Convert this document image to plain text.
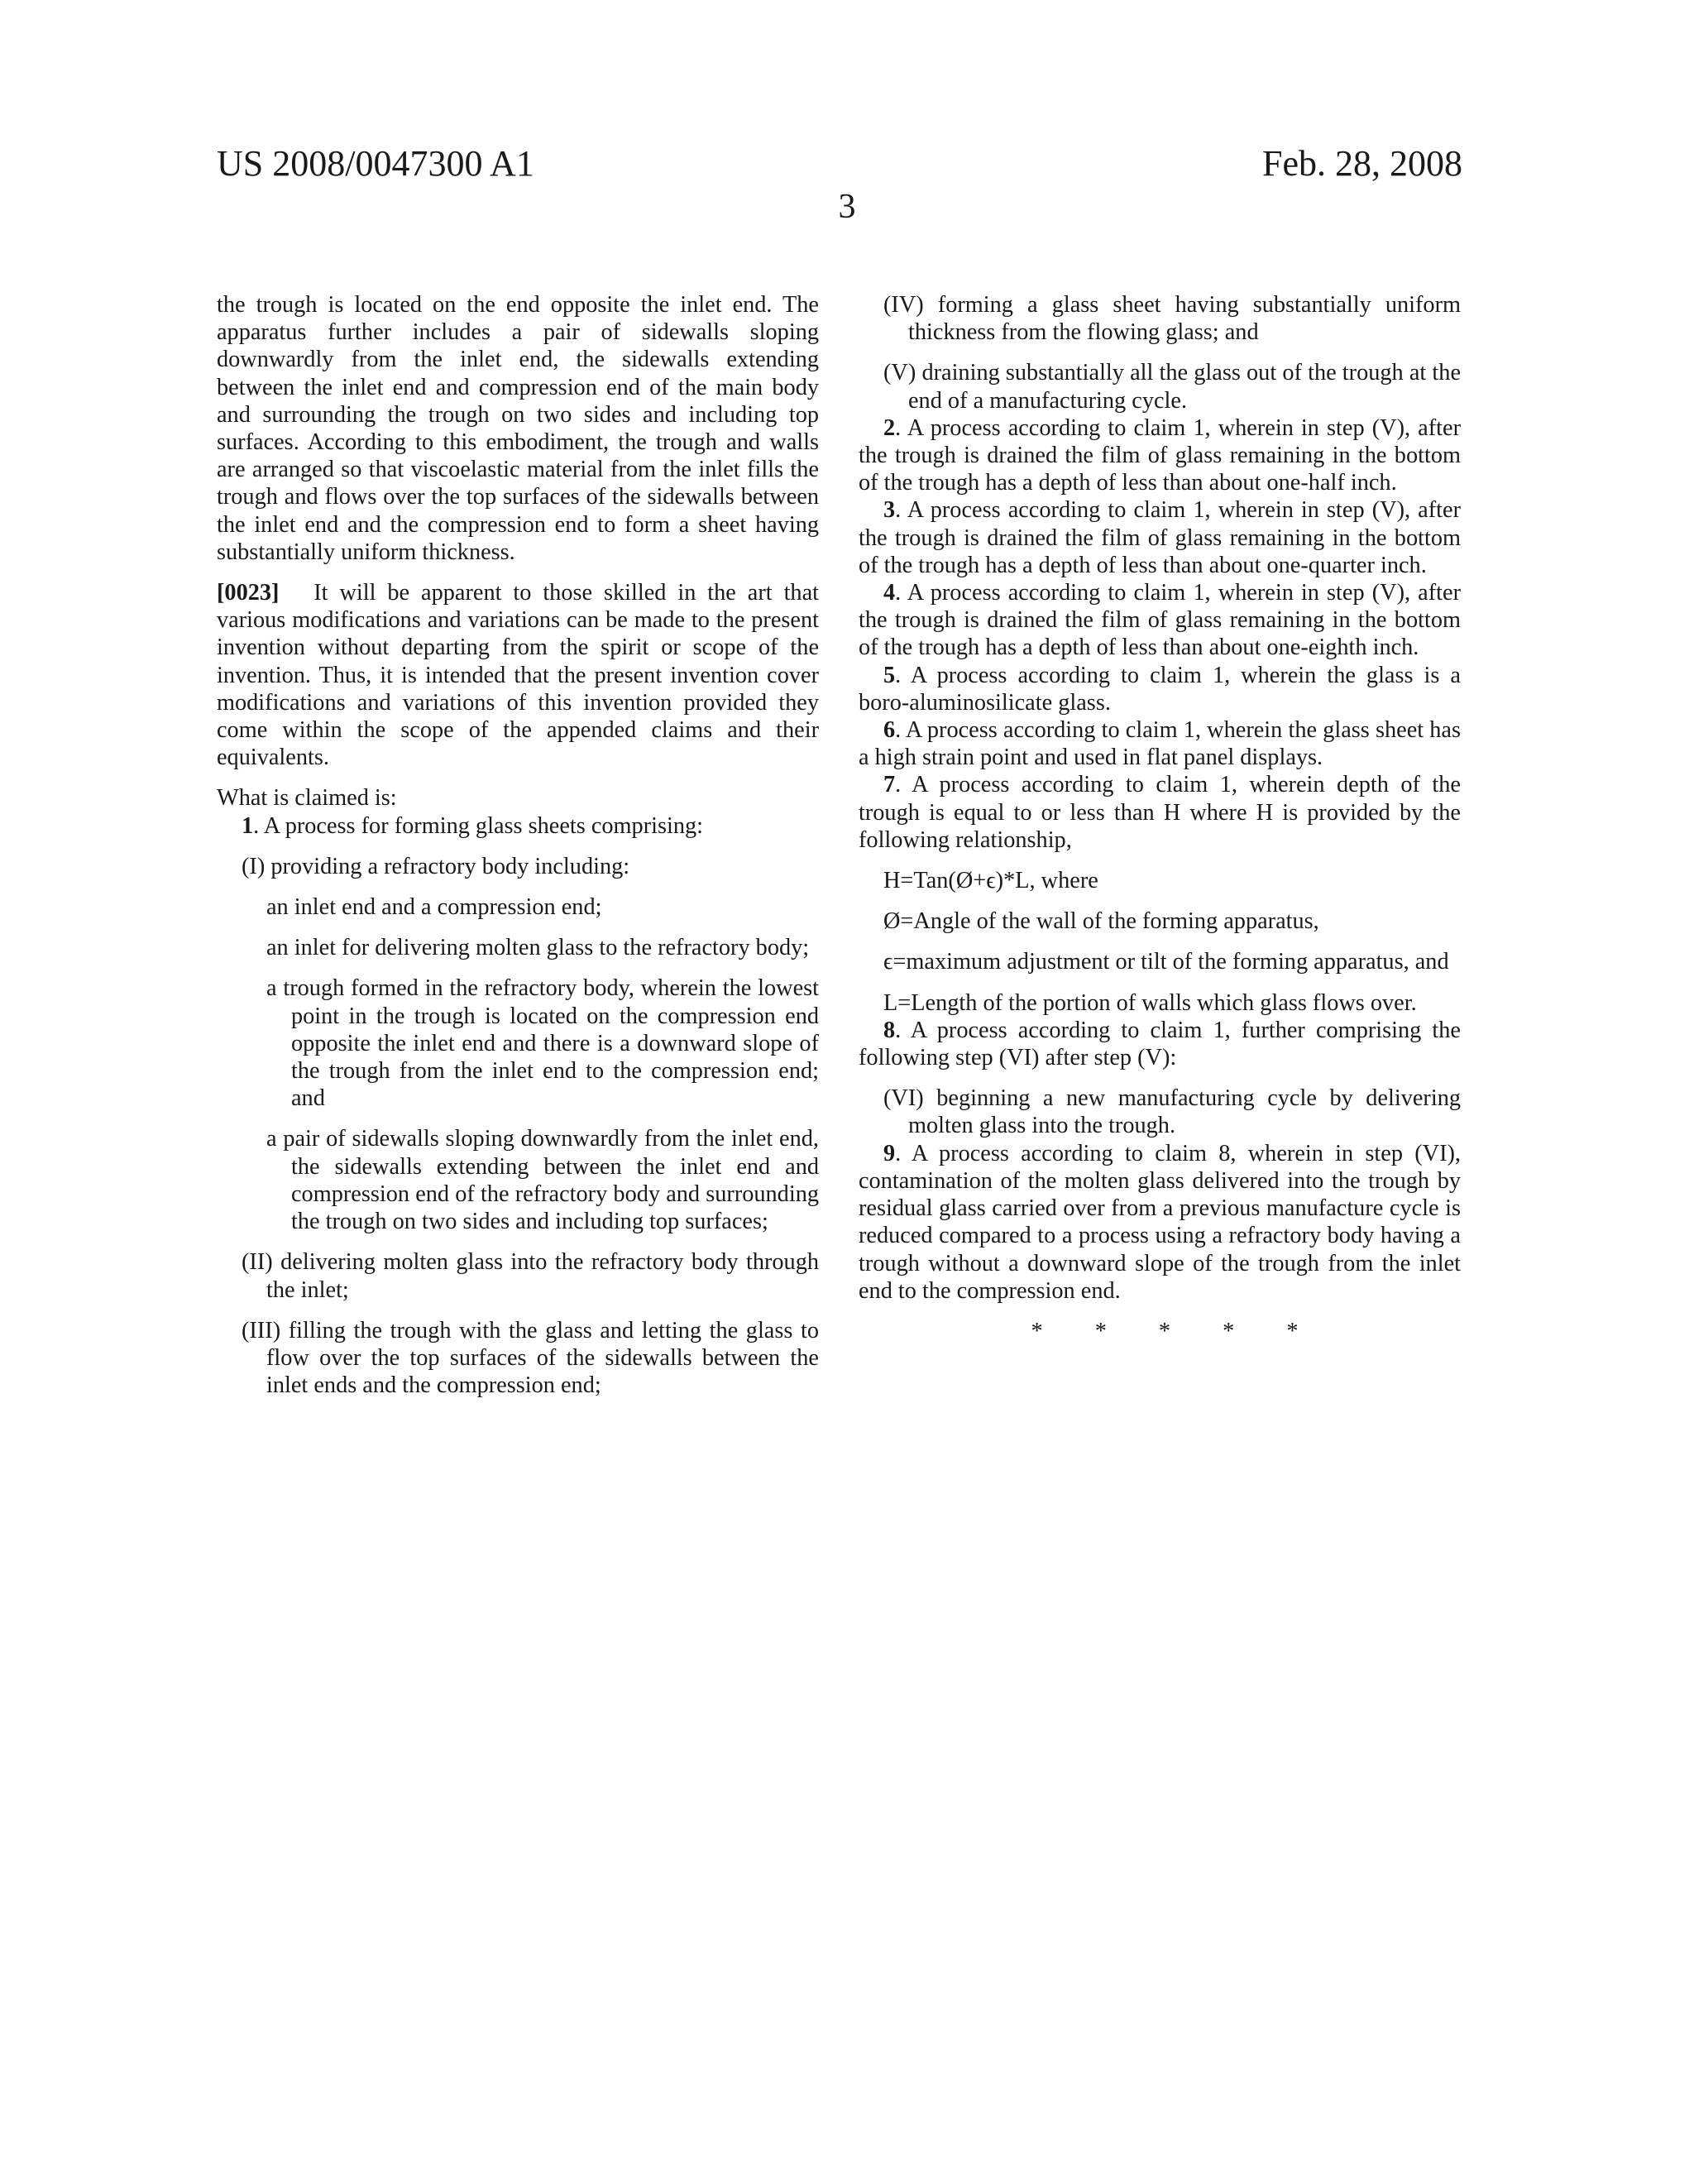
US 2008/0047300 A1	Feb. 28, 2008
3

the trough is located on the end opposite the inlet end. The apparatus further includes a pair of sidewalls sloping downwardly from the inlet end, the sidewalls extending between the inlet end and compression end of the main body and surrounding the trough on two sides and including top surfaces. According to this embodiment, the trough and walls are arranged so that viscoelastic material from the inlet fills the trough and flows over the top surfaces of the sidewalls between the inlet end and the compression end to form a sheet having substantially uniform thickness.

[0023] It will be apparent to those skilled in the art that various modifications and variations can be made to the present invention without departing from the spirit or scope of the invention. Thus, it is intended that the present invention cover modifications and variations of this invention provided they come within the scope of the appended claims and their equivalents.

What is claimed is:

1. A process for forming glass sheets comprising:

(I) providing a refractory body including:

an inlet end and a compression end;

an inlet for delivering molten glass to the refractory body;

a trough formed in the refractory body, wherein the lowest point in the trough is located on the compression end opposite the inlet end and there is a downward slope of the trough from the inlet end to the compression end; and

a pair of sidewalls sloping downwardly from the inlet end, the sidewalls extending between the inlet end and compression end of the refractory body and surrounding the trough on two sides and including top surfaces;

(II) delivering molten glass into the refractory body through the inlet;

(III) filling the trough with the glass and letting the glass to flow over the top surfaces of the sidewalls between the inlet ends and the compression end;

(IV) forming a glass sheet having substantially uniform thickness from the flowing glass; and

(V) draining substantially all the glass out of the trough at the end of a manufacturing cycle.

2. A process according to claim 1, wherein in step (V), after the trough is drained the film of glass remaining in the bottom of the trough has a depth of less than about one-half inch.

3. A process according to claim 1, wherein in step (V), after the trough is drained the film of glass remaining in the bottom of the trough has a depth of less than about one-quarter inch.

4. A process according to claim 1, wherein in step (V), after the trough is drained the film of glass remaining in the bottom of the trough has a depth of less than about one-eighth inch.

5. A process according to claim 1, wherein the glass is a boro-aluminosilicate glass.

6. A process according to claim 1, wherein the glass sheet has a high strain point and used in flat panel displays.

7. A process according to claim 1, wherein depth of the trough is equal to or less than H where H is provided by the following relationship,

H=Tan(Ø+ϵ)*L, where

Ø=Angle of the wall of the forming apparatus,

ϵ=maximum adjustment or tilt of the forming apparatus, and

L=Length of the portion of walls which glass flows over.

8. A process according to claim 1, further comprising the following step (VI) after step (V):

(VI) beginning a new manufacturing cycle by delivering molten glass into the trough.

9. A process according to claim 8, wherein in step (VI), contamination of the molten glass delivered into the trough by residual glass carried over from a previous manufacture cycle is reduced compared to a process using a refractory body having a trough without a downward slope of the trough from the inlet end to the compression end.

* * * * *
